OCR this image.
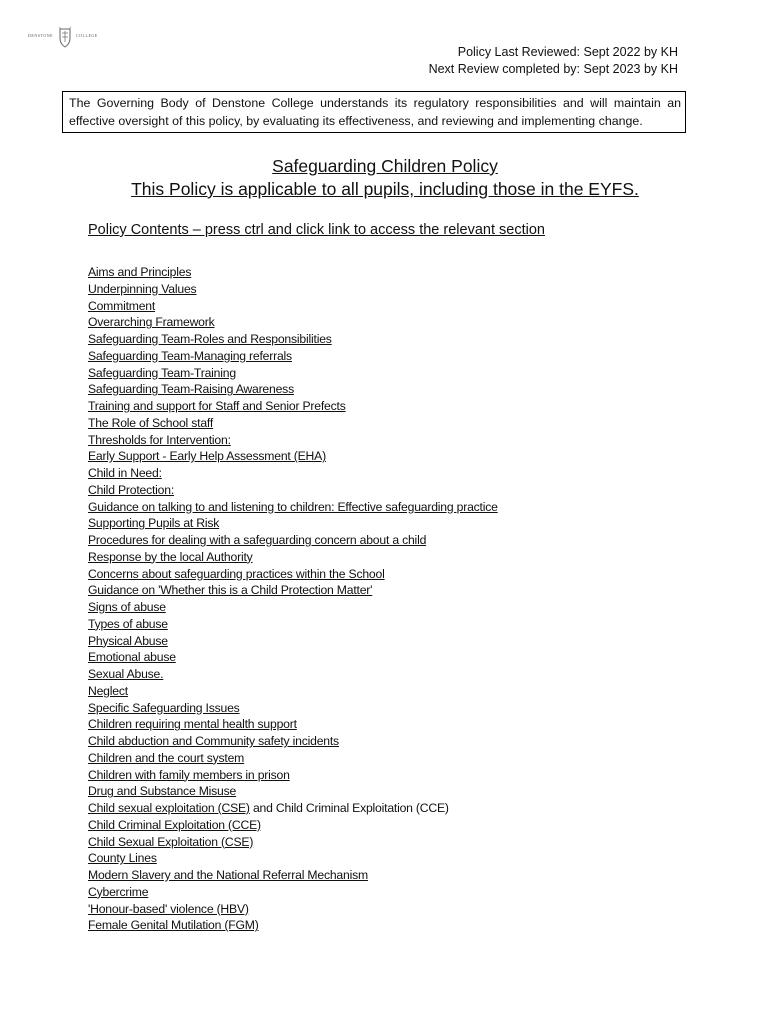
DENSTONE	COLLEGE
Policy Last Reviewed: Sept 2022 by KH
Next Review completed by: Sept 2023 by KH
The Governing Body of Denstone College understands its regulatory responsibilities and will maintain an effective oversight of this policy, by evaluating its effectiveness, and reviewing and implementing change.
Safeguarding Children Policy
This Policy is applicable to all pupils, including those in the EYFS.
Policy Contents – press ctrl and click link to access the relevant section
Aims and Principles
Underpinning Values
Commitment
Overarching Framework
Safeguarding Team-Roles and Responsibilities
Safeguarding Team-Managing referrals
Safeguarding Team-Training
Safeguarding Team-Raising Awareness
Training and support for Staff and Senior Prefects
The Role of School staff
Thresholds for Intervention:
Early Support - Early Help Assessment (EHA)
Child in Need:
Child Protection:
Guidance on talking to and listening to children: Effective safeguarding practice
Supporting Pupils at Risk
Procedures for dealing with a safeguarding concern about a child
Response by the local Authority
Concerns about safeguarding practices within the School
Guidance on 'Whether this is a Child Protection Matter'
Signs of abuse
Types of abuse
Physical Abuse
Emotional abuse
Sexual Abuse.
Neglect
Specific Safeguarding Issues
Children requiring mental health support
Child abduction and Community safety incidents
Children and the court system
Children with family members in prison
Drug and Substance Misuse
Child sexual exploitation (CSE) and Child Criminal Exploitation (CCE)
Child Criminal Exploitation (CCE)
Child Sexual Exploitation (CSE)
County Lines
Modern Slavery and the National Referral Mechanism
Cybercrime
'Honour-based' violence (HBV)
Female Genital Mutilation (FGM)
